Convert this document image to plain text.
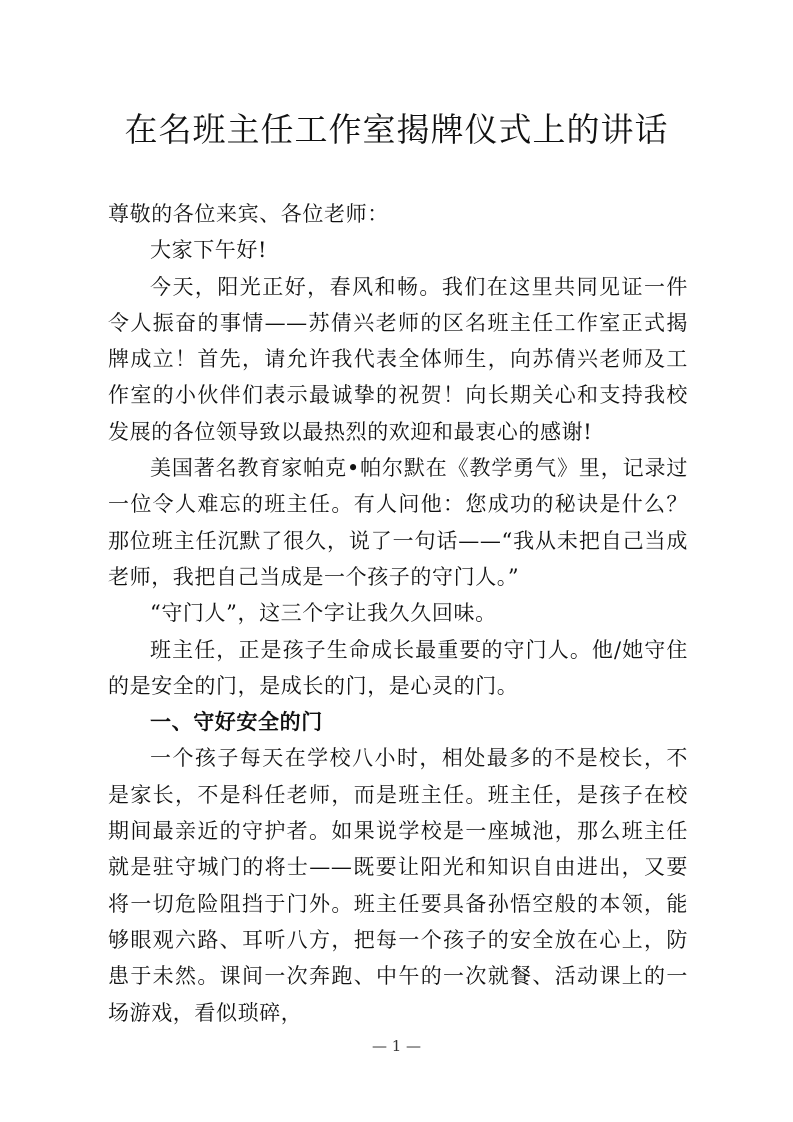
在名班主任工作室揭牌仪式上的讲话

尊敬的各位来宾、各位老师：

大家下午好!

今天，阳光正好，春风和畅。我们在这里共同见证一件令人振奋的事情——苏倩兴老师的区名班主任工作室正式揭牌成立！首先，请允许我代表全体师生，向苏倩兴老师及工作室的小伙伴们表示最诚挚的祝贺！向长期关心和支持我校发展的各位领导致以最热烈的欢迎和最衷心的感谢!

美国著名教育家帕克•帕尔默在《教学勇气》里，记录过一位令人难忘的班主任。有人问他：您成功的秘诀是什么？那位班主任沉默了很久，说了一句话——“我从未把自己当成老师，我把自己当成是一个孩子的守门人。”

“守门人”，这三个字让我久久回味。

班主任，正是孩子生命成长最重要的守门人。他/她守住的是安全的门，是成长的门，是心灵的门。

一、守好安全的门

一个孩子每天在学校八小时，相处最多的不是校长，不是家长，不是科任老师，而是班主任。班主任，是孩子在校期间最亲近的守护者。如果说学校是一座城池，那么班主任就是驻守城门的将士——既要让阳光和知识自由进出，又要将一切危险阻挡于门外。班主任要具备孙悟空般的本领，能够眼观六路、耳听八方，把每一个孩子的安全放在心上，防患于未然。课间一次奔跑、中午的一次就餐、活动课上的一场游戏，看似琐碎，

— 1 —
